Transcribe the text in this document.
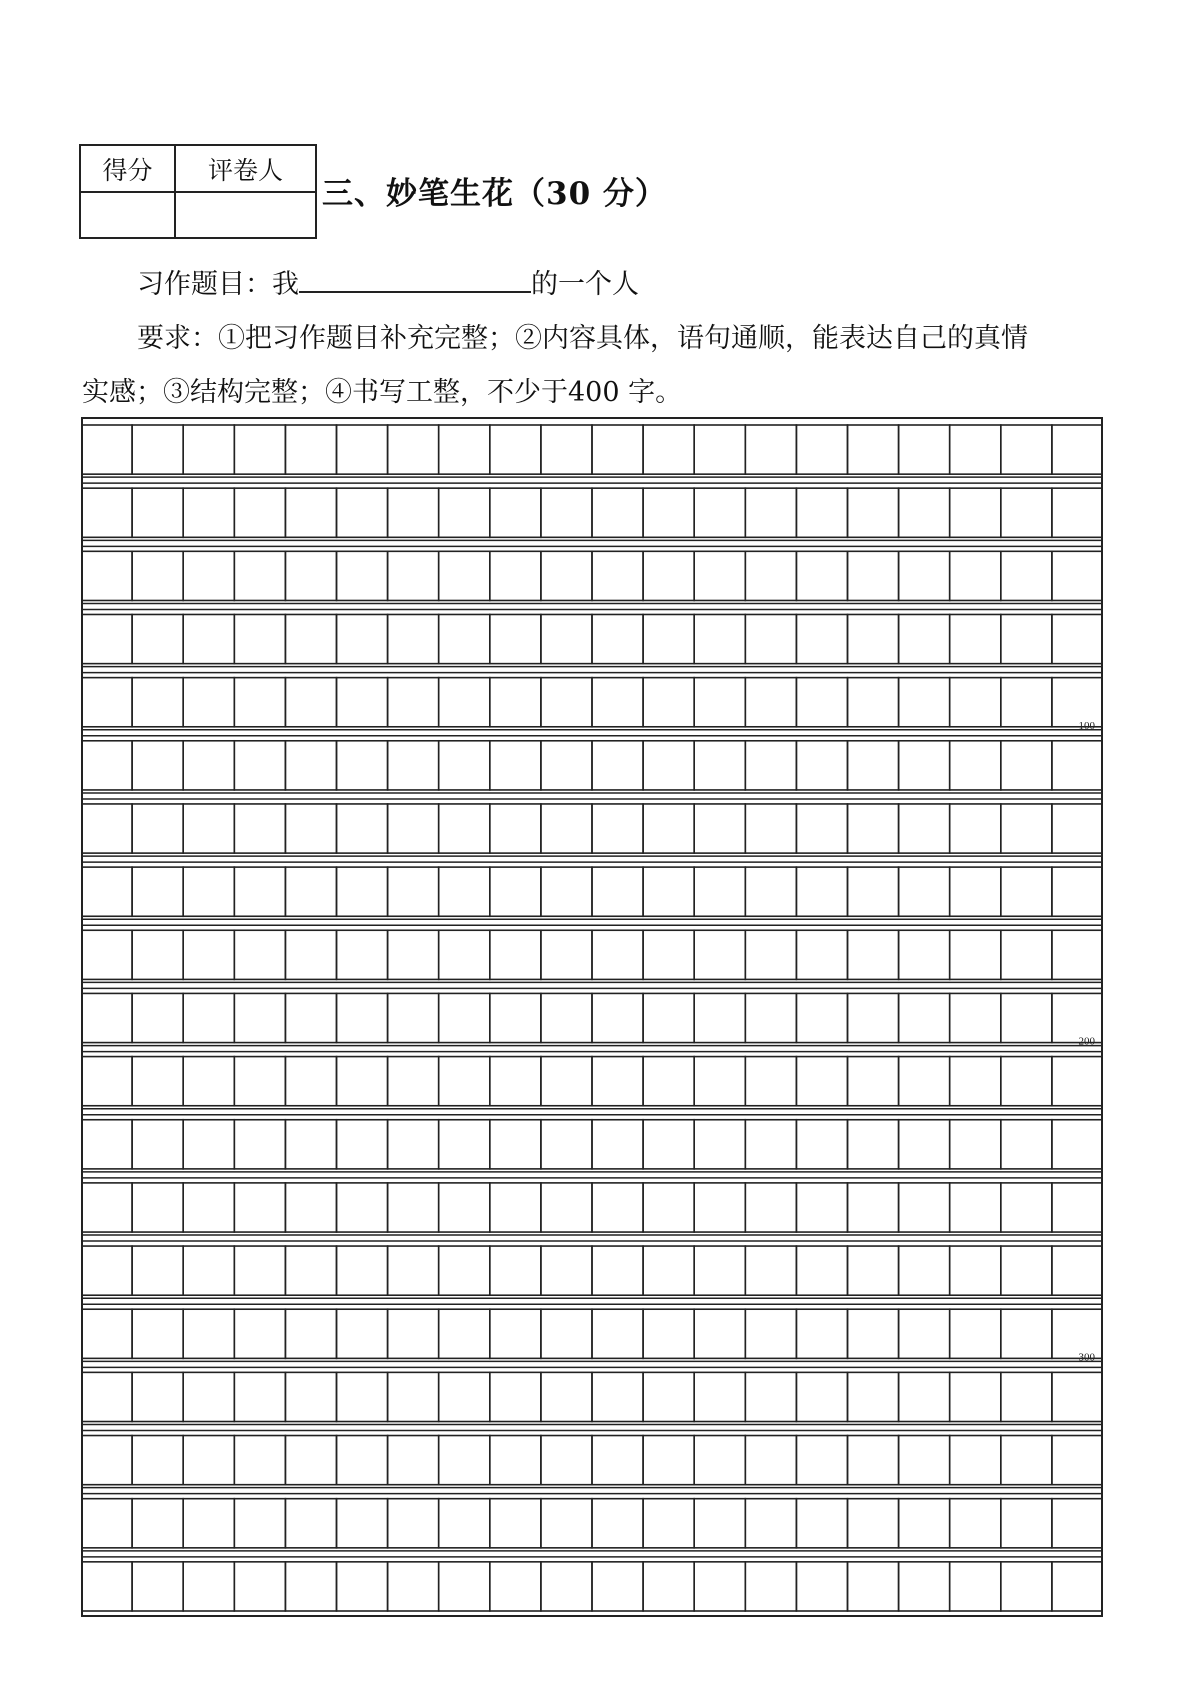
得分	评卷人

三、妙笔生花（30 分）
习作题目：我	的一个人
要求：①把习作题目补充完整；②内容具体，语句通顺，能表达自己的真情
实感；③结构完整；④书写工整，不少于400 字。
100
200
300
